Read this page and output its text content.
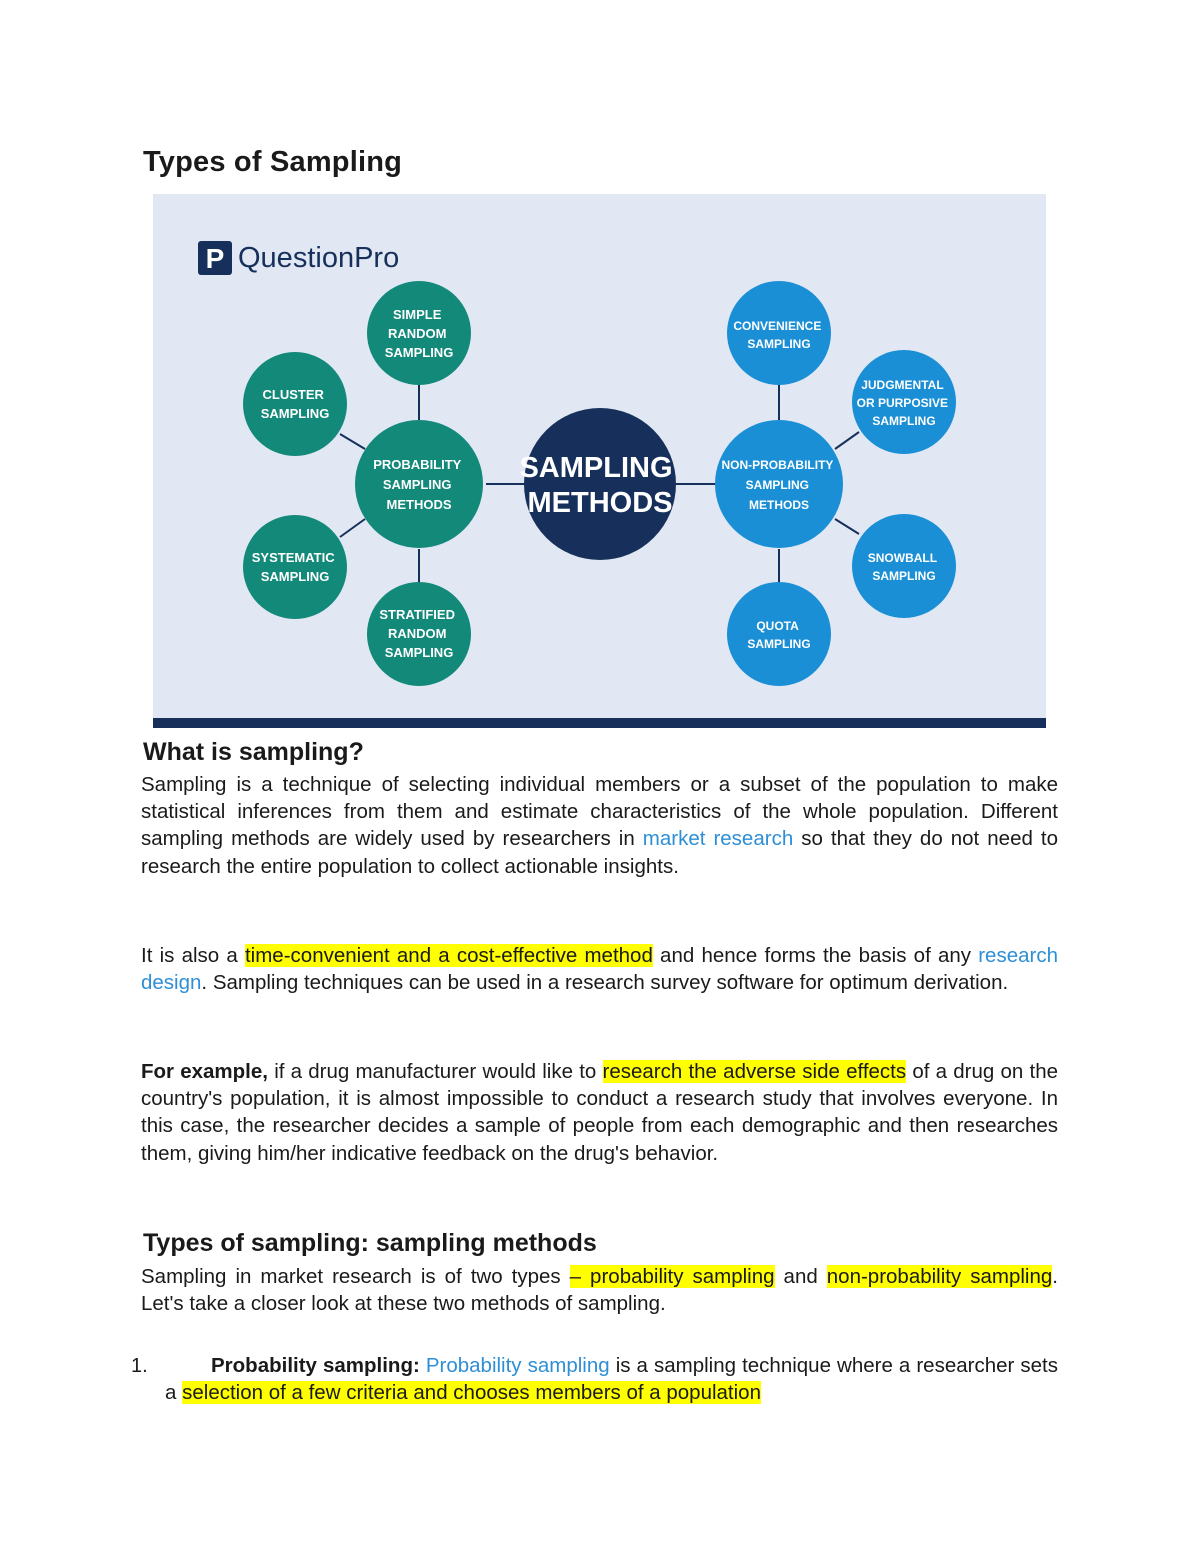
Types of Sampling
P QuestionPro
SAMPLING METHODS
PROBABILITY SAMPLING METHODS
NON-PROBABILITY SAMPLING METHODS
SIMPLE RANDOM SAMPLING
CLUSTER SAMPLING
SYSTEMATIC SAMPLING
STRATIFIED RANDOM SAMPLING
CONVENIENCE SAMPLING
JUDGMENTAL OR PURPOSIVE SAMPLING
SNOWBALL SAMPLING
QUOTA SAMPLING
What is sampling?

Sampling is a technique of selecting individual members or a subset of the population to make statistical inferences from them and estimate characteristics of the whole population. Different sampling methods are widely used by researchers in market research so that they do not need to research the entire population to collect actionable insights.

It is also a time-convenient and a cost-effective method and hence forms the basis of any research design. Sampling techniques can be used in a research survey software for optimum derivation.

For example, if a drug manufacturer would like to research the adverse side effects of a drug on the country's population, it is almost impossible to conduct a research study that involves everyone. In this case, the researcher decides a sample of people from each demographic and then researches them, giving him/her indicative feedback on the drug's behavior.

Types of sampling: sampling methods

Sampling in market research is of two types – probability sampling and non-probability sampling. Let's take a closer look at these two methods of sampling.

1.	Probability sampling: Probability sampling is a sampling technique where a researcher sets a selection of a few criteria and chooses members of a population
